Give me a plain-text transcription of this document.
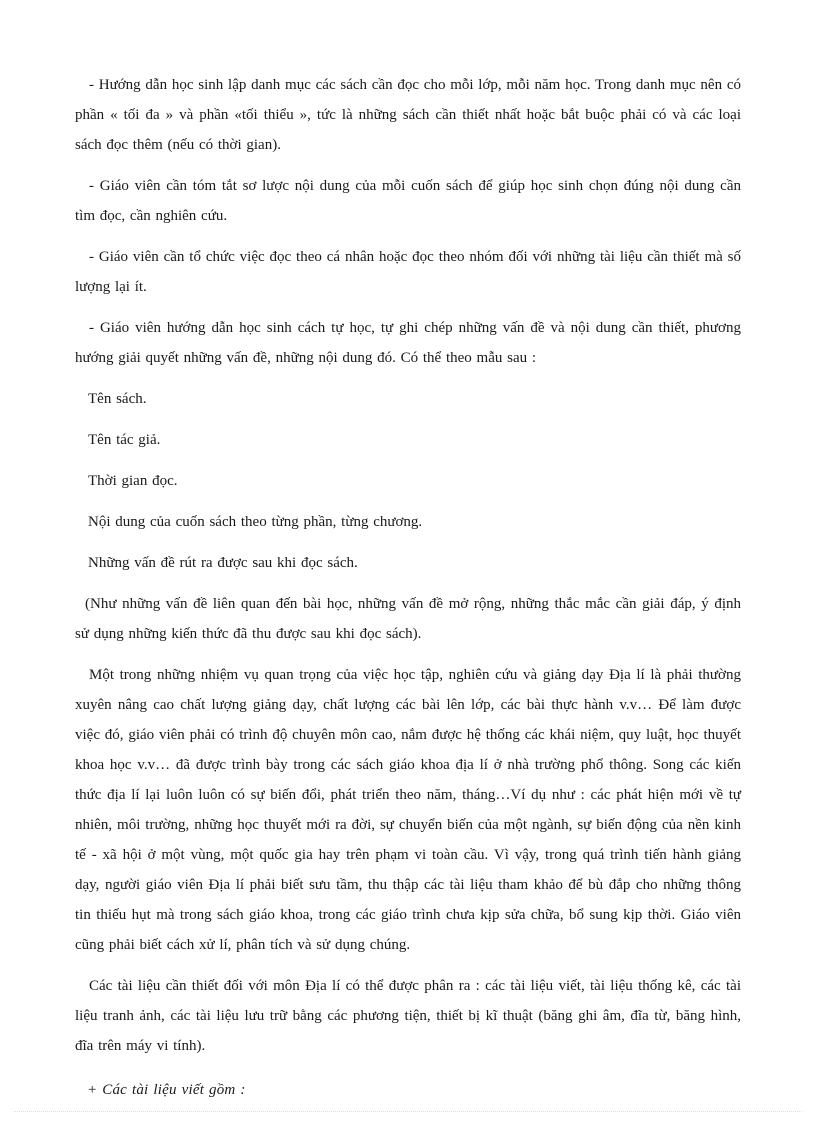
- Hướng dẫn học sinh lập danh mục các sách cần đọc cho mỗi lớp, mỗi năm học. Trong danh mục nên có phần « tối đa » và phần «tối thiểu », tức là những sách cần thiết nhất hoặc bắt buộc phải có và các loại sách đọc thêm (nếu có thời gian).

- Giáo viên cần tóm tắt sơ lược nội dung của mỗi cuốn sách để giúp học sinh chọn đúng nội dung cần tìm đọc, cần nghiên cứu.

- Giáo viên cần tổ chức việc đọc theo cá nhân hoặc đọc theo nhóm đối với những tài liệu cần thiết mà số lượng lại ít.

- Giáo viên hướng dẫn học sinh cách tự học, tự ghi chép những vấn đề và nội dung cần thiết, phương hướng giải quyết những vấn đề, những nội dung đó. Có thể theo mẫu sau :

Tên sách.

Tên tác giả.

Thời gian đọc.

Nội dung của cuốn sách theo từng phần, từng chương.

Những vấn đề rút ra được sau khi đọc sách.

(Như những vấn đề liên quan đến bài học, những vấn đề mở rộng, những thắc mắc cần giải đáp, ý định sử dụng những kiến thức đã thu được sau khi đọc sách).

Một trong những nhiệm vụ quan trọng của việc học tập, nghiên cứu và giảng dạy Địa lí là phải thường xuyên nâng cao chất lượng giảng dạy, chất lượng các bài lên lớp, các bài thực hành v.v… Để làm được việc đó, giáo viên phải có trình độ chuyên môn cao, nắm được hệ thống các khái niệm, quy luật, học thuyết khoa học v.v… đã được trình bày trong các sách giáo khoa địa lí ở nhà trường phổ thông. Song các kiến thức địa lí lại luôn luôn có sự biến đổi, phát triển theo năm, tháng…Ví dụ như : các phát hiện mới về tự nhiên, môi trường, những học thuyết mới ra đời, sự chuyển biến của một ngành, sự biến động của nền kinh tế - xã hội ở một vùng, một quốc gia hay trên phạm vi toàn cầu. Vì vậy, trong quá trình tiến hành giảng dạy, người giáo viên Địa lí phải biết sưu tầm, thu thập các tài liệu tham khảo để bù đắp cho những thông tin thiếu hụt mà trong sách giáo khoa, trong các giáo trình chưa kịp sửa chữa, bổ sung kịp thời. Giáo viên cũng phải biết cách xử lí, phân tích và sử dụng chúng.

Các tài liệu cần thiết đối với môn Địa lí có thể được phân ra : các tài liệu viết, tài liệu thống kê, các tài liệu tranh ảnh, các tài liệu lưu trữ bằng các phương tiện, thiết bị kĩ thuật (băng ghi âm, đĩa từ, băng hình, đĩa trên máy vi tính).

+ Các tài liệu viết gồm :
